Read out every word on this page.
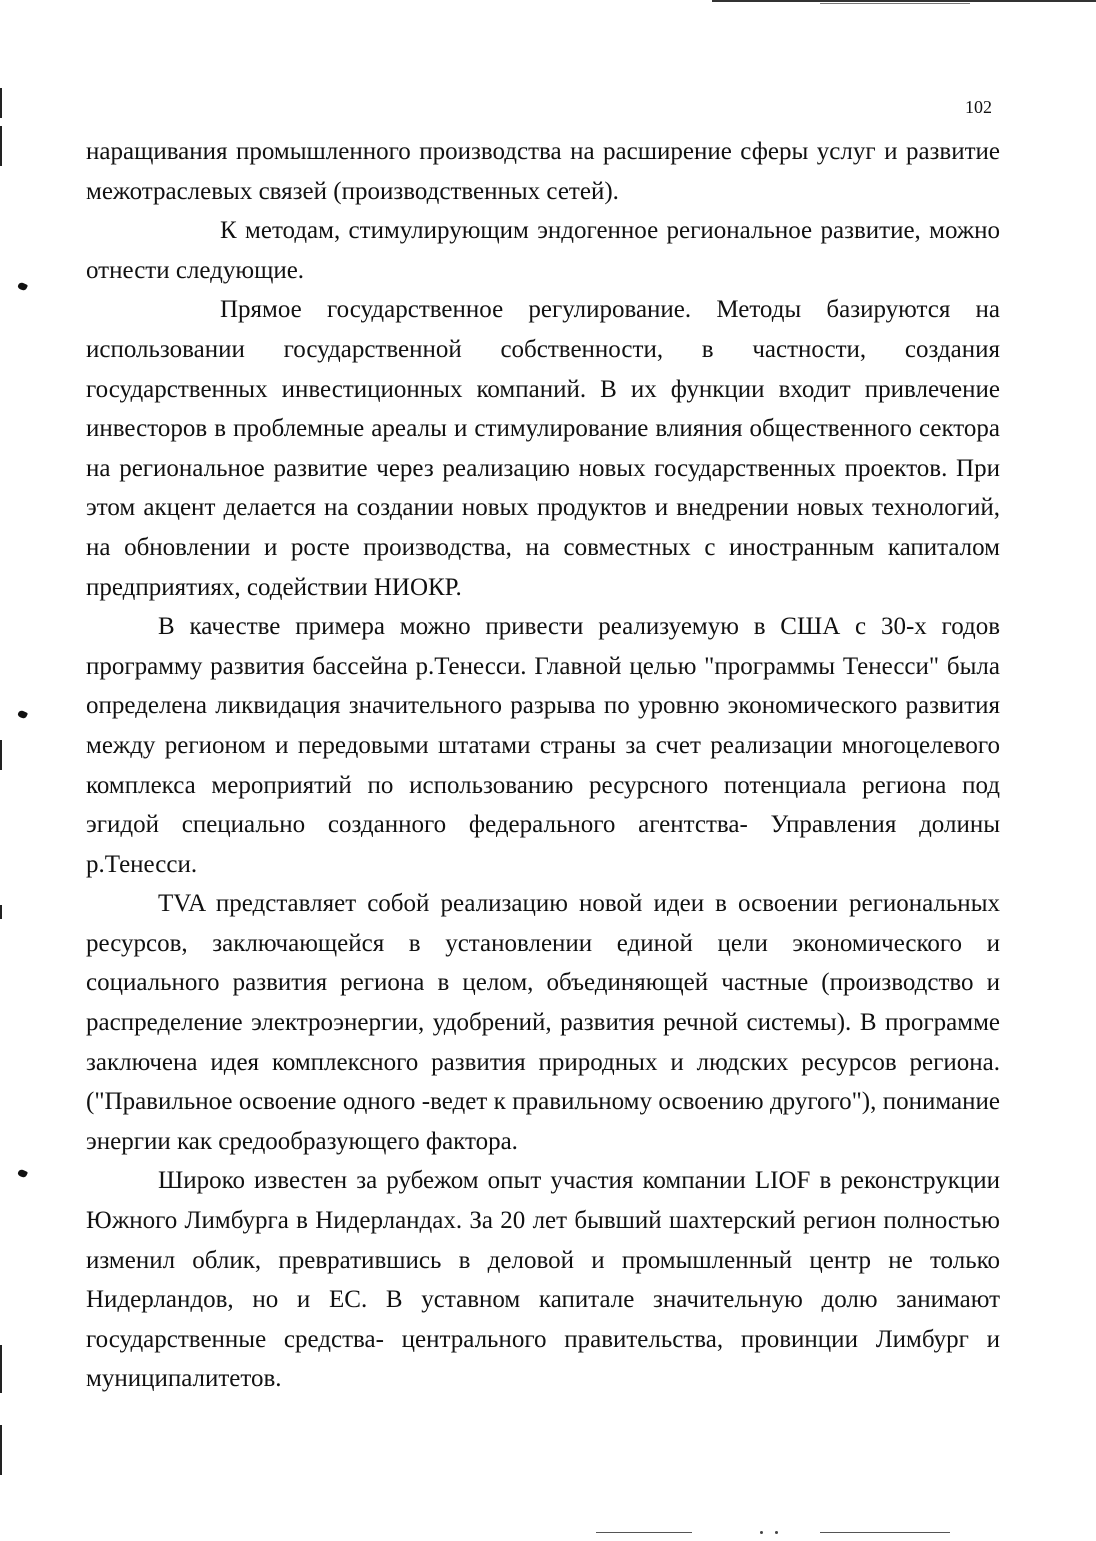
102

наращивания промышленного производства на расширение сферы услуг и развитие межотраслевых связей (производственных сетей).

К методам, стимулирующим эндогенное региональное развитие, можно отнести следующие.

Прямое государственное регулирование. Методы базируются на использовании государственной собственности, в частности, создания государственных инвестиционных компаний. В их функции входит привлечение инвесторов в проблемные ареалы и стимулирование влияния общественного сектора на региональное развитие через реализацию новых государственных проектов. При этом акцент делается на создании новых продуктов и внедрении новых технологий, на обновлении и росте производства, на совместных с иностранным капиталом предприятиях, содействии НИОКР.

В качестве примера можно привести реализуемую в США с 30-х годов программу развития бассейна р.Тенесси. Главной целью "программы Тенесси" была определена ликвидация значительного разрыва по уровню экономического развития между регионом и передовыми штатами страны за счет реализации многоцелевого комплекса мероприятий по использованию ресурсного потенциала региона под эгидой специально созданного федерального агентства- Управления долины р.Тенесси.

TVA представляет собой реализацию новой идеи в освоении региональных ресурсов, заключающейся в установлении единой цели экономического и социального развития региона в целом, объединяющей частные (производство и распределение электроэнергии, удобрений, развития речной системы). В программе заключена идея комплексного развития природных и людских ресурсов региона. ("Правильное освоение одного -ведет к правильному освоению другого"), понимание энергии как средообразующего фактора.

Широко известен за рубежом опыт участия компании LIOF в реконструкции Южного Лимбурга в Нидерландах. За 20 лет бывший шахтерский регион полностью изменил облик, превратившись в деловой и промышленный центр не только Нидерландов, но и ЕС. В уставном капитале значительную долю занимают государственные средства- центрального правительства, провинции Лимбург и муниципалитетов.
